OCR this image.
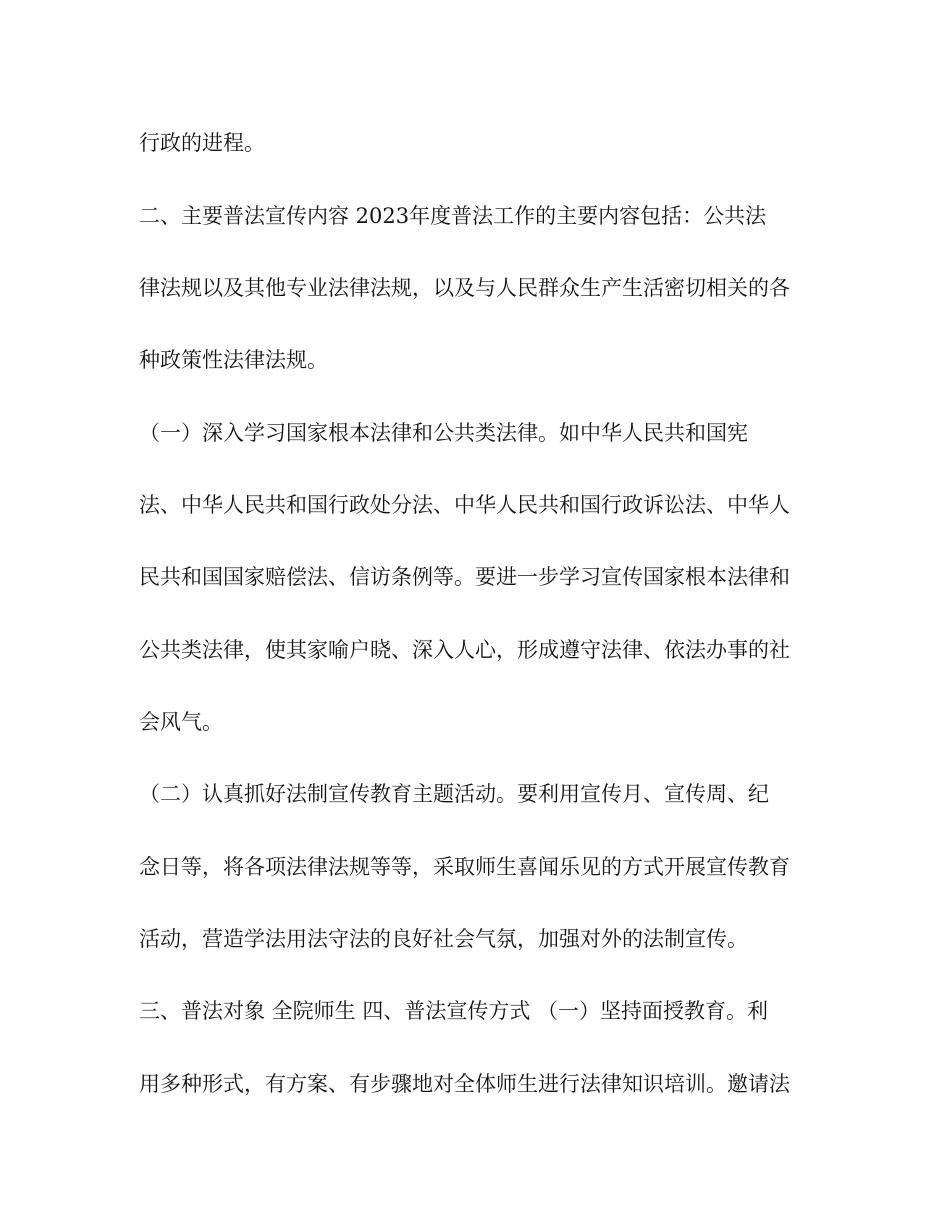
行政的进程。
二、主要普法宣传内容 2023年度普法工作的主要内容包括：公共法
律法规以及其他专业法律法规，以及与人民群众生产生活密切相关的各
种政策性法律法规。
（一）深入学习国家根本法律和公共类法律。如中华人民共和国宪
法、中华人民共和国行政处分法、中华人民共和国行政诉讼法、中华人
民共和国国家赔偿法、信访条例等。要进一步学习宣传国家根本法律和
公共类法律，使其家喻户晓、深入人心，形成遵守法律、依法办事的社
会风气。
（二）认真抓好法制宣传教育主题活动。要利用宣传月、宣传周、纪
念日等，将各项法律法规等等，采取师生喜闻乐见的方式开展宣传教育
活动，营造学法用法守法的良好社会气氛，加强对外的法制宣传。
三、普法对象 全院师生 四、普法宣传方式 （一）坚持面授教育。利
用多种形式，有方案、有步骤地对全体师生进行法律知识培训。邀请法
